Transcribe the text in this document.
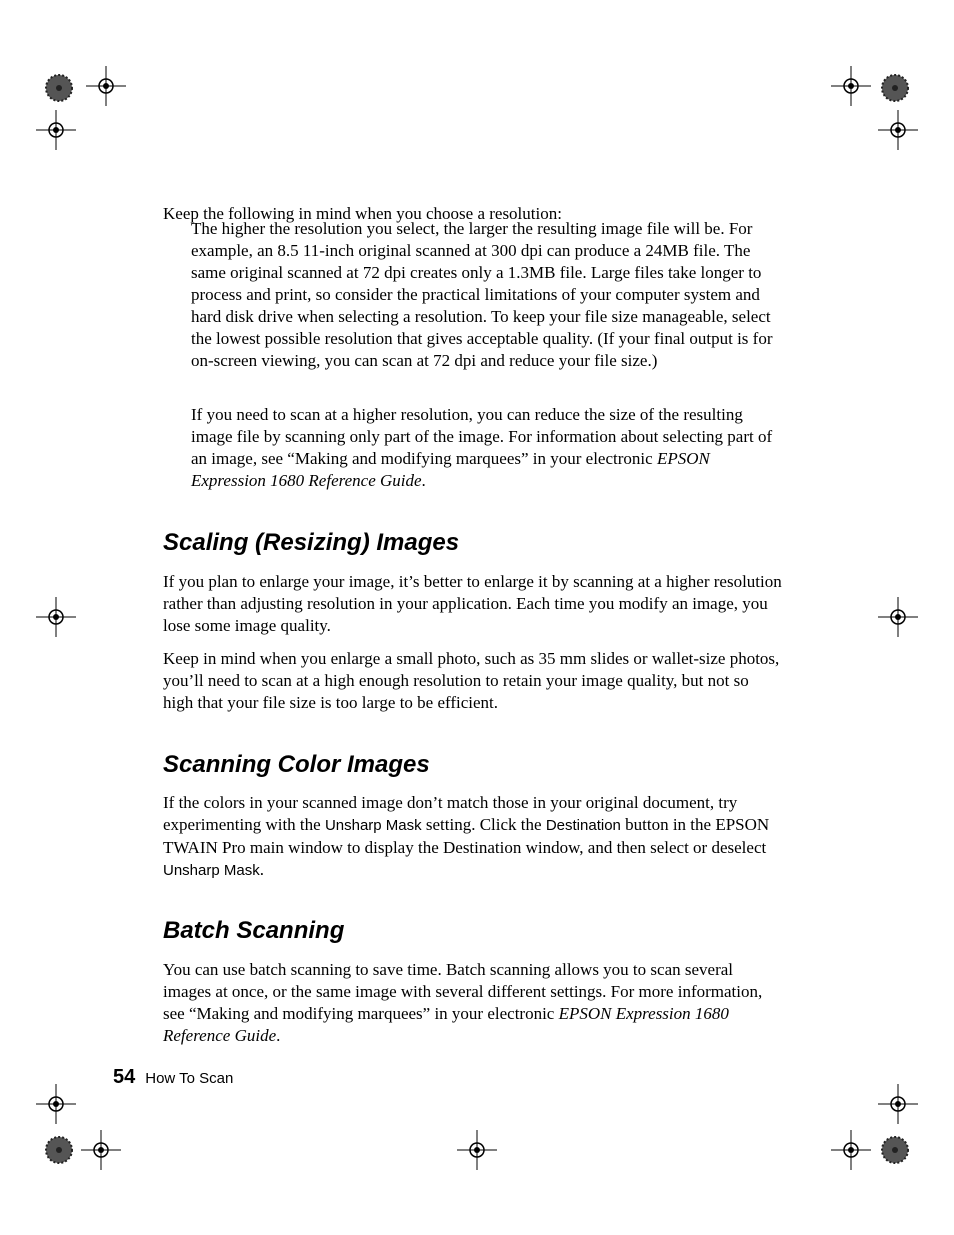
Keep the following in mind when you choose a resolution:

The higher the resolution you select, the larger the resulting image file will be. For example, an 8.5 11-inch original scanned at 300 dpi can produce a 24MB file. The same original scanned at 72 dpi creates only a 1.3MB file. Large files take longer to process and print, so consider the practical limitations of your computer system and hard disk drive when selecting a resolution. To keep your file size manageable, select the lowest possible resolution that gives acceptable quality. (If your final output is for on-screen viewing, you can scan at 72 dpi and reduce your file size.)

If you need to scan at a higher resolution, you can reduce the size of the resulting image file by scanning only part of the image. For information about selecting part of an image, see “Making and modifying marquees” in your electronic EPSON Expression 1680 Reference Guide.

Scaling (Resizing) Images

If you plan to enlarge your image, it’s better to enlarge it by scanning at a higher resolution rather than adjusting resolution in your application. Each time you modify an image, you lose some image quality.

Keep in mind when you enlarge a small photo, such as 35 mm slides or wallet-size photos, you’ll need to scan at a high enough resolution to retain your image quality, but not so high that your file size is too large to be efficient.

Scanning Color Images

If the colors in your scanned image don’t match those in your original document, try experimenting with the Unsharp Mask setting. Click the Destination button in the EPSON TWAIN Pro main window to display the Destination window, and then select or deselect Unsharp Mask.

Batch Scanning

You can use batch scanning to save time. Batch scanning allows you to scan several images at once, or the same image with several different settings. For more information, see “Making and modifying marquees” in your electronic EPSON Expression 1680 Reference Guide.

54 How To Scan
